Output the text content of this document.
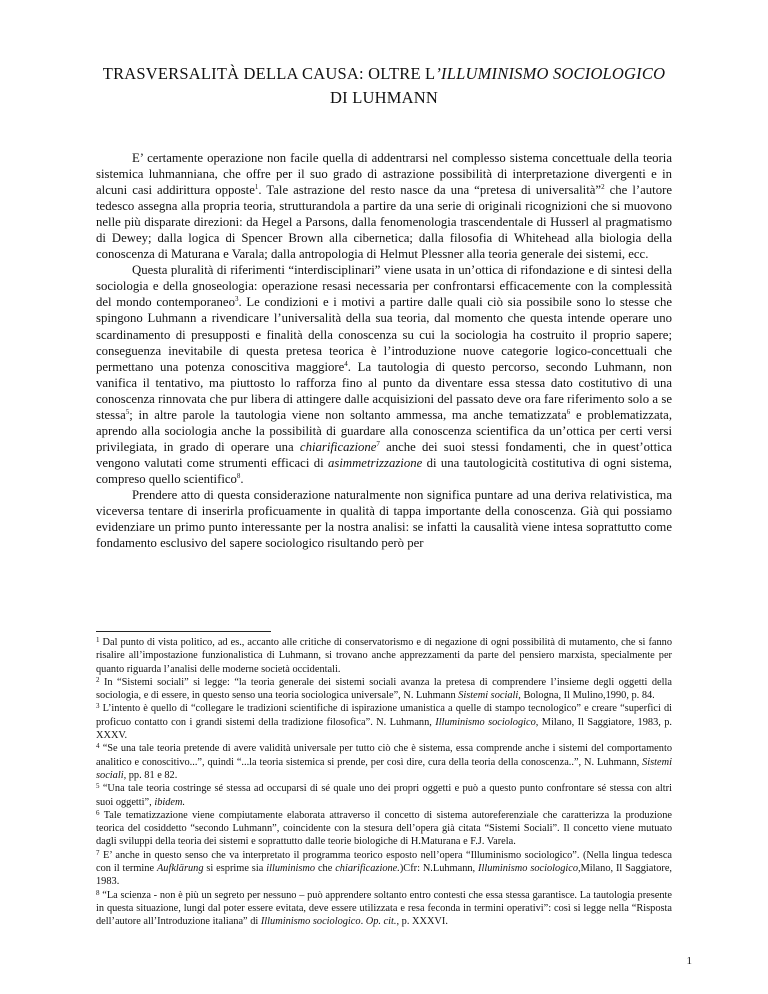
TRASVERSALITÀ DELLA CAUSA: OLTRE L’ILLUMINISMO SOCIOLOGICO
DI LUHMANN

E’ certamente operazione non facile quella di addentrarsi nel complesso sistema concettuale della teoria sistemica luhmanniana, che offre per il suo grado di astrazione possibilità di interpretazione divergenti e in alcuni casi addirittura opposte$^1$. Tale astrazione del resto nasce da una “pretesa di universalità”$^2$ che l’autore tedesco assegna alla propria teoria, strutturandola a partire da una serie di originali ricognizioni che si muovono nelle più disparate direzioni: da Hegel a Parsons, dalla fenomenologia trascendentale di Husserl al pragmatismo di Dewey; dalla logica di Spencer Brown alla cibernetica; dalla filosofia di Whitehead alla biologia della conoscenza di Maturana e Varala; dalla antropologia di Helmut Plessner alla teoria generale dei sistemi, ecc.

Questa pluralità di riferimenti “interdisciplinari” viene usata in un’ottica di rifondazione e di sintesi della sociologia e della gnoseologia: operazione resasi necessaria per confrontarsi efficacemente con la complessità del mondo contemporaneo$^3$. Le condizioni e i motivi a partire dalle quali ciò sia possibile sono lo stesse che spingono Luhmann a rivendicare l’universalità della sua teoria, dal momento che questa intende operare uno scardinamento di presupposti e finalità della conoscenza su cui la sociologia ha costruito il proprio sapere; conseguenza inevitabile di questa pretesa teorica è l’introduzione nuove categorie logico-concettuali che permettano una potenza conoscitiva maggiore$^4$. La tautologia di questo percorso, secondo Luhmann, non vanifica il tentativo, ma piuttosto lo rafforza fino al punto da diventare essa stessa dato costitutivo di una conoscenza rinnovata che pur libera di attingere dalle acquisizioni del passato deve ora fare riferimento solo a se stessa$^5$; in altre parole la tautologia viene non soltanto ammessa, ma anche tematizzata$^6$ e problematizzata, aprendo alla sociologia anche la possibilità di guardare alla conoscenza scientifica da un’ottica per certi versi privilegiata, in grado di operare una chiarificazione$^7$ anche dei suoi stessi fondamenti, che in quest’ottica vengono valutati come strumenti efficaci di asimmetrizzazione di una tautologicità costitutiva di ogni sistema, compreso quello scientifico$^8$.

Prendere atto di questa considerazione naturalmente non significa puntare ad una deriva relativistica, ma viceversa tentare di inserirla proficuamente in qualità di tappa importante della conoscenza. Già qui possiamo evidenziare un primo punto interessante per la nostra analisi: se infatti la causalità viene intesa soprattutto come fondamento esclusivo del sapere sociologico risultando però per

$^1$ Dal punto di vista politico, ad es., accanto alle critiche di conservatorismo e di negazione di ogni possibilità di mutamento, che si fanno risalire all’impostazione funzionalistica di Luhmann, si trovano anche apprezzamenti da parte del pensiero marxista, specialmente per quanto riguarda l’analisi delle moderne società occidentali.

$^2$ In “Sistemi sociali” si legge: “la teoria generale dei sistemi sociali avanza la pretesa di comprendere l’insieme degli oggetti della sociologia, e di essere, in questo senso una teoria sociologica universale”, N. Luhmann Sistemi sociali, Bologna, Il Mulino,1990, p. 84.

$^3$ L’intento è quello di “collegare le tradizioni scientifiche di ispirazione umanistica a quelle di stampo tecnologico” e creare “superfici di proficuo contatto con i grandi sistemi della tradizione filosofica”. N. Luhmann, Illuminismo sociologico, Milano, Il Saggiatore, 1983, p. XXXV.

$^4$ “Se una tale teoria pretende di avere validità universale per tutto ciò che è sistema, essa comprende anche i sistemi del comportamento analitico e conoscitivo...”, quindi “...la teoria sistemica si prende, per così dire, cura della teoria della conoscenza..”, N. Luhmann, Sistemi sociali, pp. 81 e 82.

$^5$ “Una tale teoria costringe sé stessa ad occuparsi di sé quale uno dei propri oggetti e può a questo punto confrontare sé stessa con altri suoi oggetti”, ibidem.

$^6$ Tale tematizzazione viene compiutamente elaborata attraverso il concetto di sistema autoreferenziale che caratterizza la produzione teorica del cosiddetto “secondo Luhmann”, coincidente con la stesura dell’opera già citata “Sistemi Sociali”. Il concetto viene mutuato dagli sviluppi della teoria dei sistemi e soprattutto dalle teorie biologiche di H.Maturana e F.J. Varela.

$^7$ E’ anche in questo senso che va interpretato il programma teorico esposto nell’opera “Illuminismo sociologico”. (Nella lingua tedesca con il termine Aufklärung si esprime sia illuminismo che chiarificazione.)Cfr: N.Luhmann, Illuminismo sociologico,Milano, Il Saggiatore, 1983.

$^8$ “La scienza - non è più un segreto per nessuno – può apprendere soltanto entro contesti che essa stessa garantisce. La tautologia presente in questa situazione, lungi dal poter essere evitata, deve essere utilizzata e resa feconda in termini operativi”: così si legge nella “Risposta dell’autore all’Introduzione italiana” di Illuminismo sociologico. Op. cit., p. XXXVI.

1
